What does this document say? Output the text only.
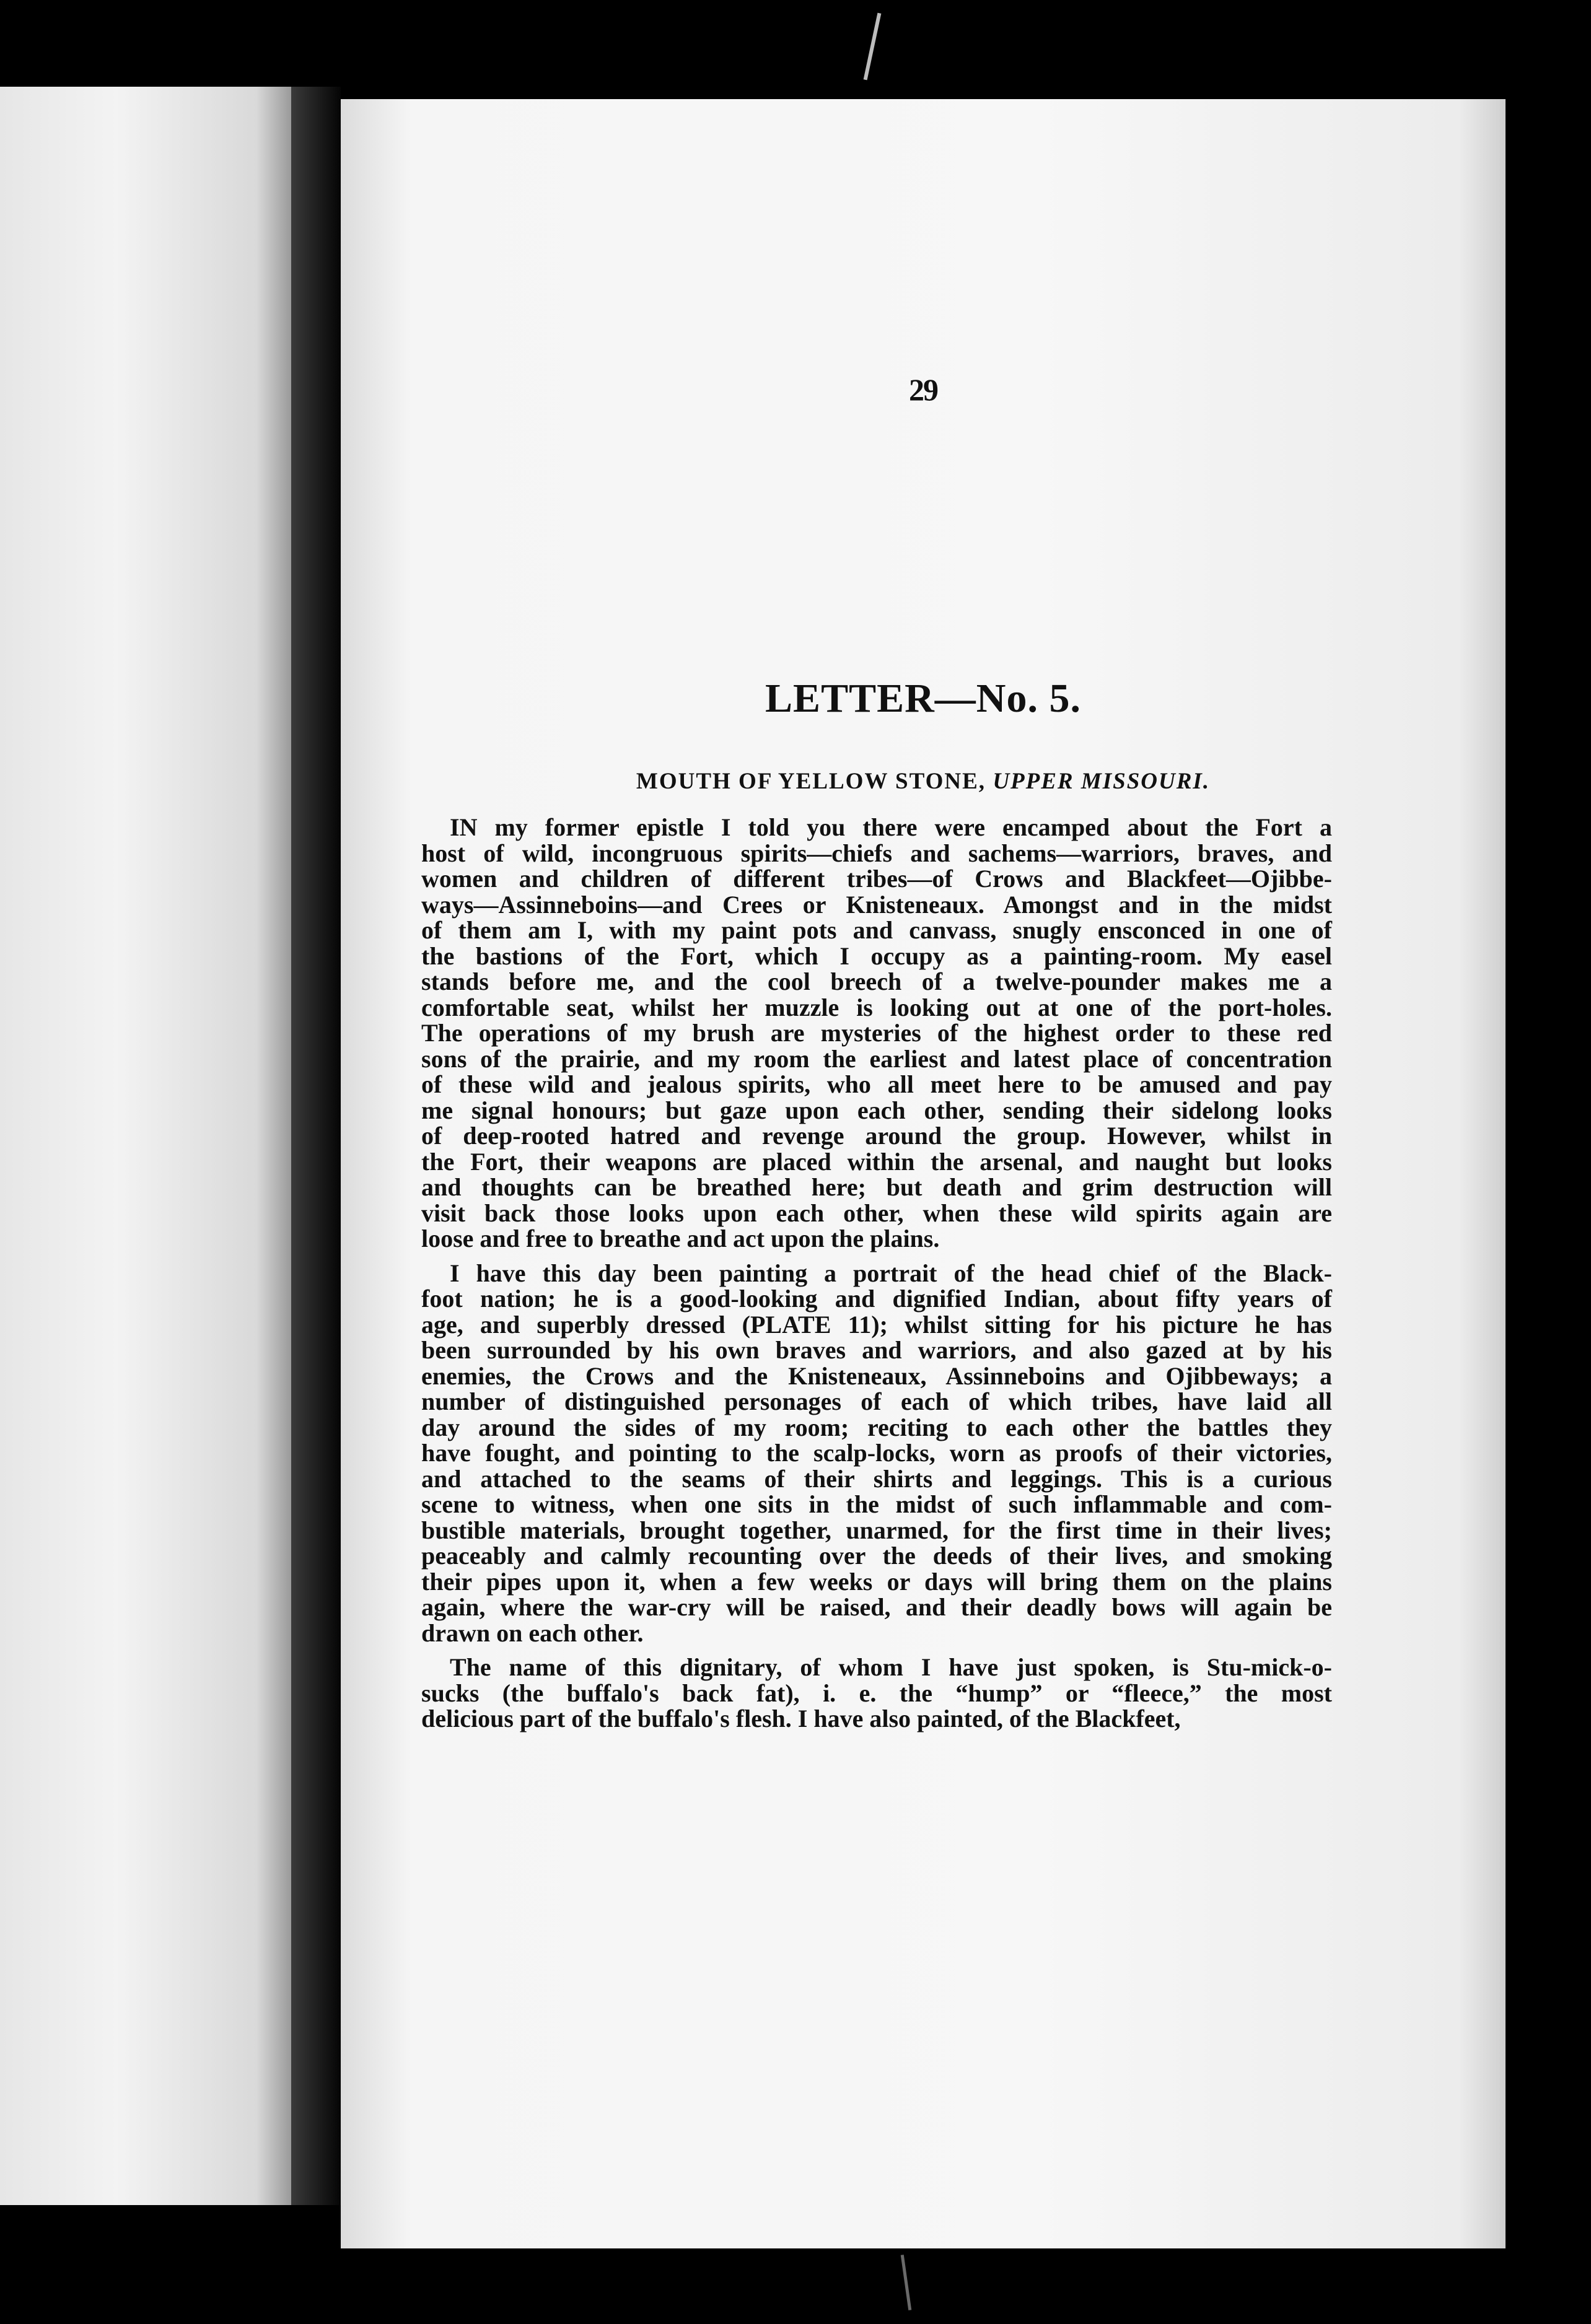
29
LETTER—No. 5.
MOUTH OF YELLOW STONE, UPPER MISSOURI.
IN my former epistle I told you there were encamped about the Fort a
host of wild, incongruous spirits—chiefs and sachems—warriors, braves, and
women and children of different tribes—of Crows and Blackfeet—Ojibbe-
ways—Assinneboins—and Crees or Knisteneaux. Amongst and in the midst
of them am I, with my paint pots and canvass, snugly ensconced in one of
the bastions of the Fort, which I occupy as a painting-room. My easel
stands before me, and the cool breech of a twelve-pounder makes me a
comfortable seat, whilst her muzzle is looking out at one of the port-holes.
The operations of my brush are mysteries of the highest order to these red
sons of the prairie, and my room the earliest and latest place of concentration
of these wild and jealous spirits, who all meet here to be amused and pay
me signal honours; but gaze upon each other, sending their sidelong looks
of deep-rooted hatred and revenge around the group. However, whilst in
the Fort, their weapons are placed within the arsenal, and naught but looks
and thoughts can be breathed here; but death and grim destruction will
visit back those looks upon each other, when these wild spirits again are
loose and free to breathe and act upon the plains.
I have this day been painting a portrait of the head chief of the Black-
foot nation; he is a good-looking and dignified Indian, about fifty years of
age, and superbly dressed (PLATE 11); whilst sitting for his picture he has
been surrounded by his own braves and warriors, and also gazed at by his
enemies, the Crows and the Knisteneaux, Assinneboins and Ojibbeways; a
number of distinguished personages of each of which tribes, have laid all
day around the sides of my room; reciting to each other the battles they
have fought, and pointing to the scalp-locks, worn as proofs of their victories,
and attached to the seams of their shirts and leggings. This is a curious
scene to witness, when one sits in the midst of such inflammable and com-
bustible materials, brought together, unarmed, for the first time in their lives;
peaceably and calmly recounting over the deeds of their lives, and smoking
their pipes upon it, when a few weeks or days will bring them on the plains
again, where the war-cry will be raised, and their deadly bows will again be
drawn on each other.
The name of this dignitary, of whom I have just spoken, is Stu-mick-o-
sucks (the buffalo's back fat), i. e. the “hump” or “fleece,” the most
delicious part of the buffalo's flesh. I have also painted, of the Blackfeet,
